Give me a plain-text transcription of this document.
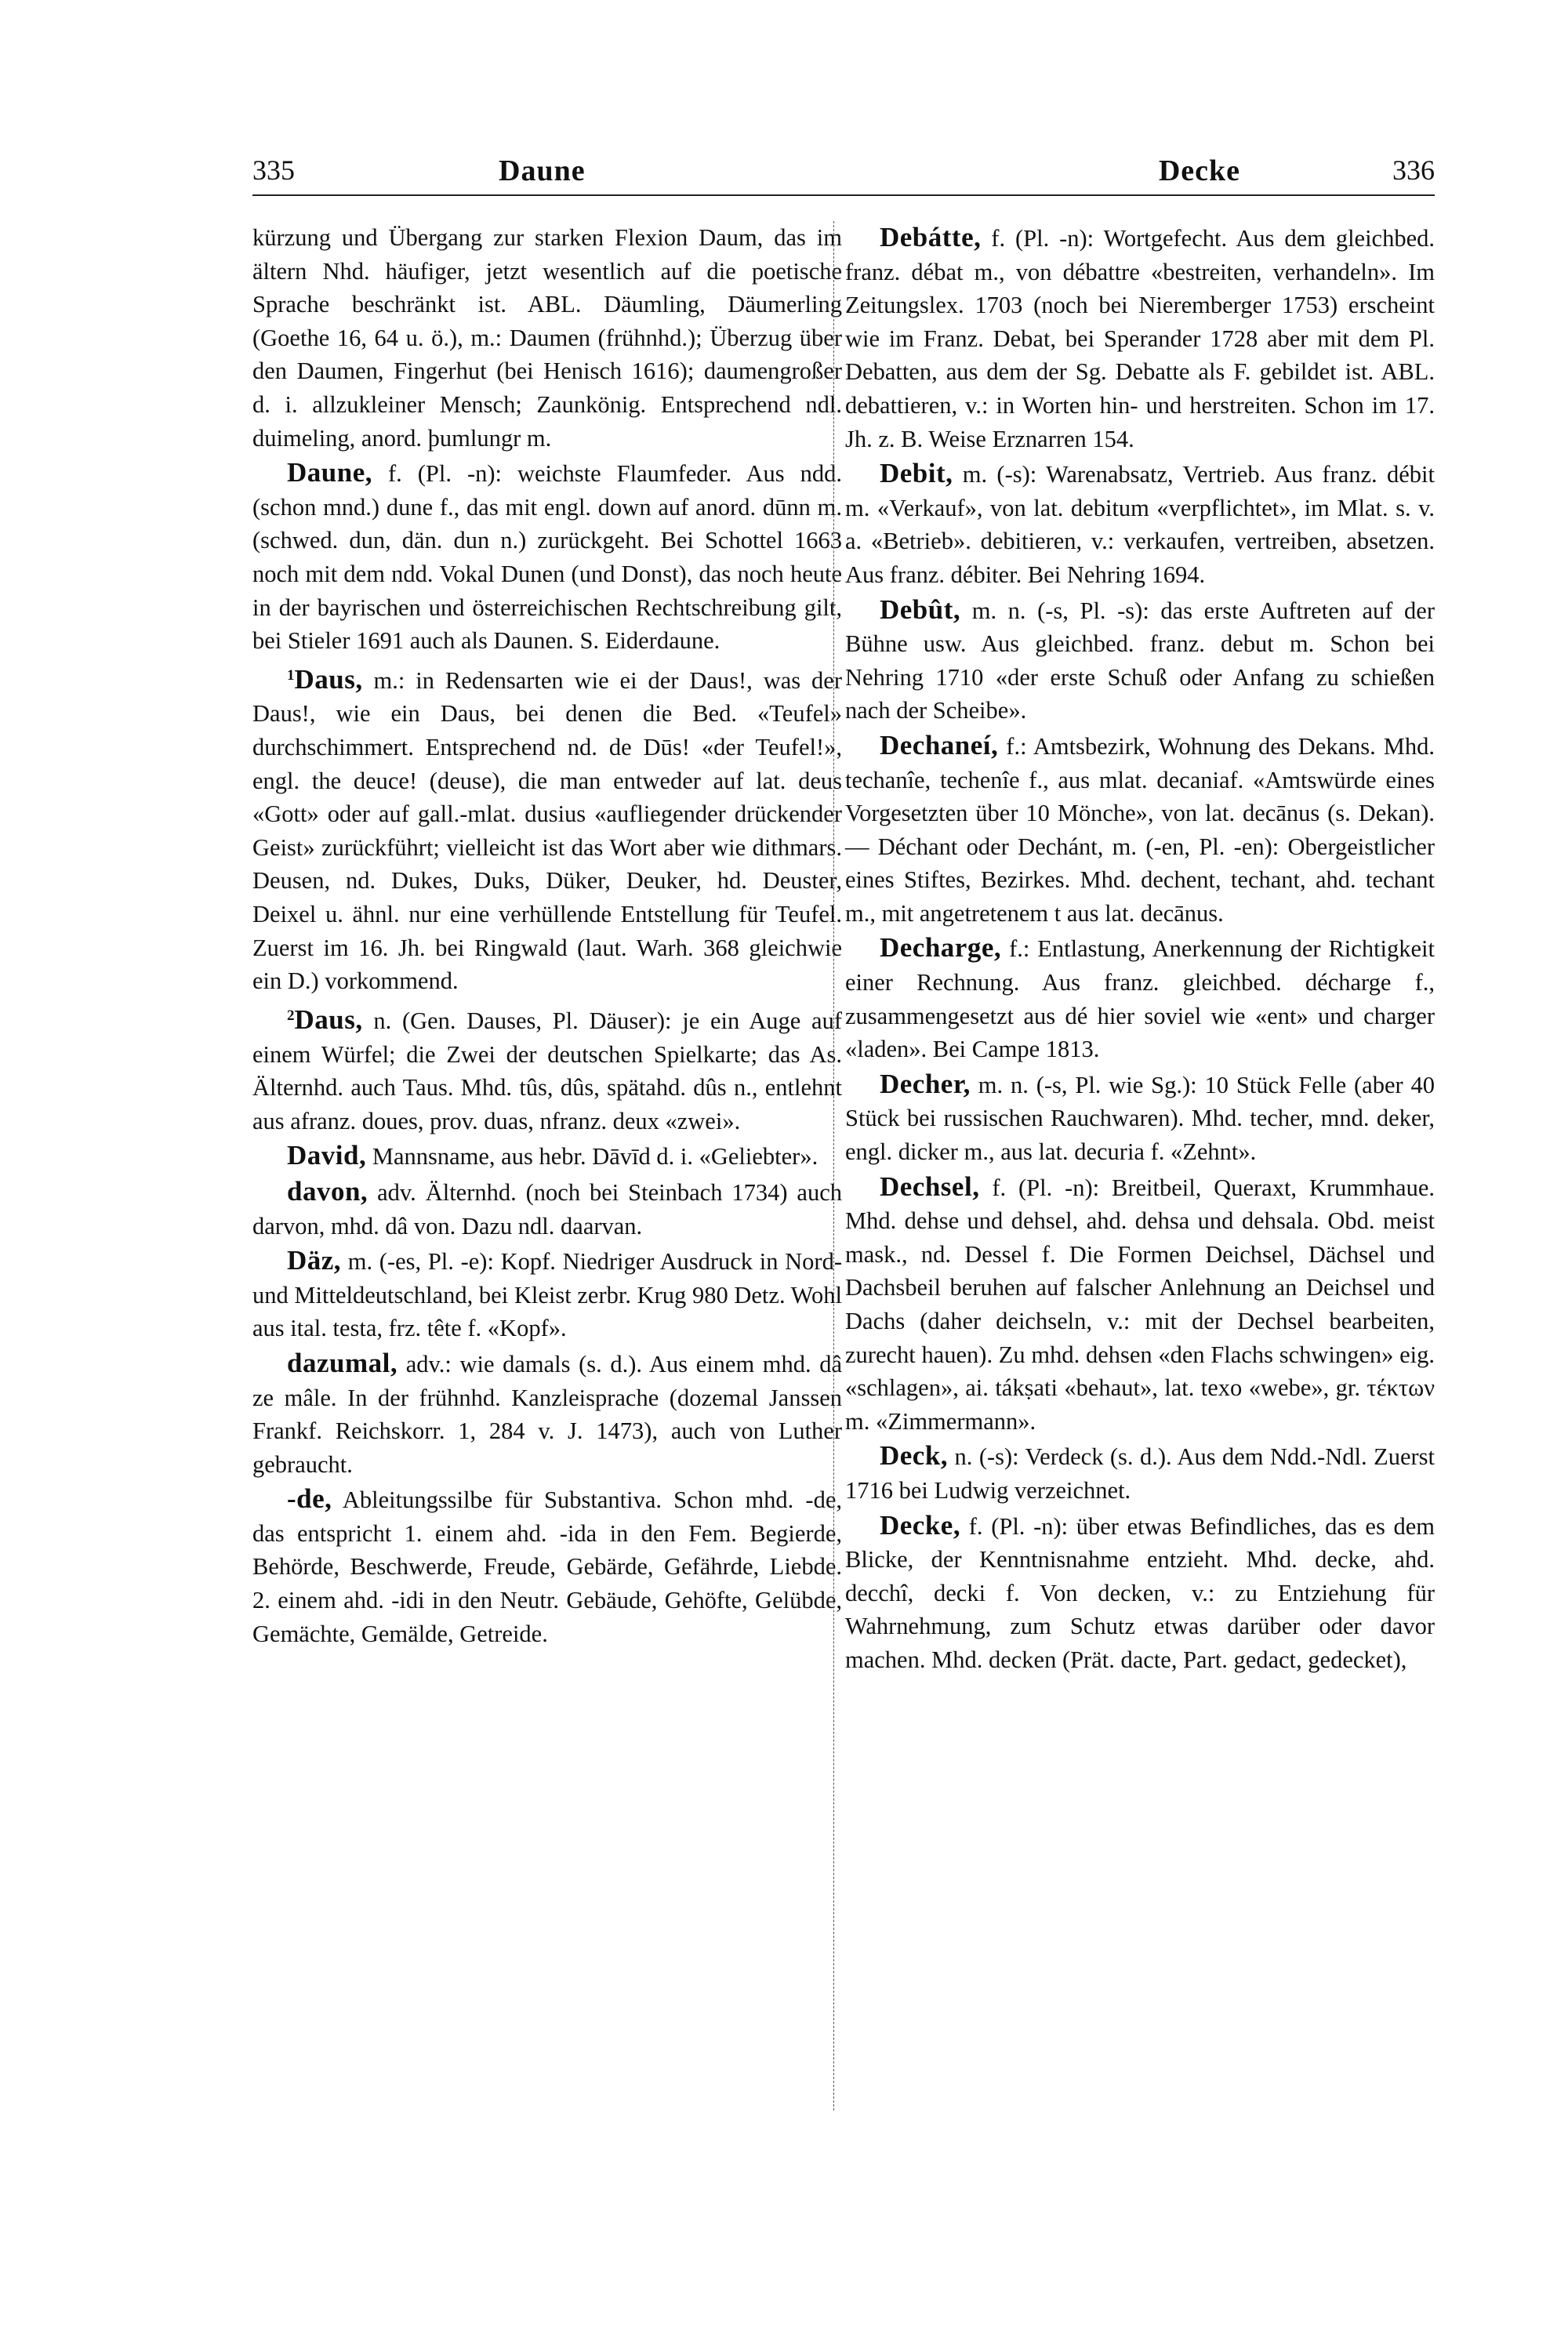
335	Daune	Decke	336

kürzung und Übergang zur starken Flexion Daum, das im ältern Nhd. häufiger, jetzt wesentlich auf die poetische Sprache beschränkt ist. ABL. Däumling, Däumerling (Goethe 16, 64 u. ö.), m.: Daumen (frühnhd.); Überzug über den Daumen, Fingerhut (bei Henisch 1616); daumengroßer d. i. allzukleiner Mensch; Zaunkönig. Entsprechend ndl. duimeling, anord. þumlungr m.

Daune, f. (Pl. -n): weichste Flaumfeder. Aus ndd. (schon mnd.) dune f., das mit engl. down auf anord. dūnn m. (schwed. dun, dän. dun n.) zurückgeht. Bei Schottel 1663 noch mit dem ndd. Vokal Dunen (und Donst), das noch heute in der bayrischen und österreichischen Rechtschreibung gilt, bei Stieler 1691 auch als Daunen. S. Eiderdaune.

$^1$Daus, m.: in Redensarten wie ei der Daus!, was der Daus!, wie ein Daus, bei denen die Bed. «Teufel» durchschimmert. Entsprechend nd. de Dūs! «der Teufel!», engl. the deuce! (deuse), die man entweder auf lat. deus «Gott» oder auf gall.-mlat. dusius «aufliegender drückender Geist» zurückführt; vielleicht ist das Wort aber wie dithmars. Deusen, nd. Dukes, Duks, Düker, Deuker, hd. Deuster, Deixel u. ähnl. nur eine verhüllende Entstellung für Teufel. Zuerst im 16. Jh. bei Ringwald (laut. Warh. 368 gleichwie ein D.) vorkommend.

$^2$Daus, n. (Gen. Dauses, Pl. Däuser): je ein Auge auf einem Würfel; die Zwei der deutschen Spielkarte; das As. Älternhd. auch Taus. Mhd. tûs, dûs, spätahd. dûs n., entlehnt aus afranz. doues, prov. duas, nfranz. deux «zwei».

David, Mannsname, aus hebr. Dāvīd d. i. «Geliebter».

davon, adv. Älternhd. (noch bei Steinbach 1734) auch darvon, mhd. dâ von. Dazu ndl. daarvan.

Däz, m. (-es, Pl. -e): Kopf. Niedriger Ausdruck in Nord- und Mitteldeutschland, bei Kleist zerbr. Krug 980 Detz. Wohl aus ital. testa, frz. tête f. «Kopf».

dazumal, adv.: wie damals (s. d.). Aus einem mhd. dâ ze mâle. In der frühnhd. Kanzleisprache (dozemal Janssen Frankf. Reichskorr. 1, 284 v. J. 1473), auch von Luther gebraucht.

-de, Ableitungssilbe für Substantiva. Schon mhd. -de, das entspricht 1. einem ahd. -ida in den Fem. Begierde, Behörde, Beschwerde, Freude, Gebärde, Gefährde, Liebde. 2. einem ahd. -idi in den Neutr. Gebäude, Gehöfte, Gelübde, Gemächte, Gemälde, Getreide.

Debátte, f. (Pl. -n): Wortgefecht. Aus dem gleichbed. franz. débat m., von débattre «bestreiten, verhandeln». Im Zeitungslex. 1703 (noch bei Nieremberger 1753) erscheint wie im Franz. Debat, bei Sperander 1728 aber mit dem Pl. Debatten, aus dem der Sg. Debatte als F. gebildet ist. ABL. debattieren, v.: in Worten hin- und herstreiten. Schon im 17. Jh. z. B. Weise Erznarren 154.

Debit, m. (-s): Warenabsatz, Vertrieb. Aus franz. débit m. «Verkauf», von lat. debitum «verpflichtet», im Mlat. s. v. a. «Betrieb». debitieren, v.: verkaufen, vertreiben, absetzen. Aus franz. débiter. Bei Nehring 1694.

Debût, m. n. (-s, Pl. -s): das erste Auftreten auf der Bühne usw. Aus gleichbed. franz. debut m. Schon bei Nehring 1710 «der erste Schuß oder Anfang zu schießen nach der Scheibe».

Dechaneí, f.: Amtsbezirk, Wohnung des Dekans. Mhd. techanîe, techenîe f., aus mlat. decaniaf. «Amtswürde eines Vorgesetzten über 10 Mönche», von lat. decānus (s. Dekan). — Déchant oder Dechánt, m. (-en, Pl. -en): Obergeistlicher eines Stiftes, Bezirkes. Mhd. dechent, techant, ahd. techant m., mit angetretenem t aus lat. decānus.

Decharge, f.: Entlastung, Anerkennung der Richtigkeit einer Rechnung. Aus franz. gleichbed. décharge f., zusammengesetzt aus dé hier soviel wie «ent» und charger «laden». Bei Campe 1813.

Decher, m. n. (-s, Pl. wie Sg.): 10 Stück Felle (aber 40 Stück bei russischen Rauchwaren). Mhd. techer, mnd. deker, engl. dicker m., aus lat. decuria f. «Zehnt».

Dechsel, f. (Pl. -n): Breitbeil, Queraxt, Krummhaue. Mhd. dehse und dehsel, ahd. dehsa und dehsala. Obd. meist mask., nd. Dessel f. Die Formen Deichsel, Dächsel und Dachsbeil beruhen auf falscher Anlehnung an Deichsel und Dachs (daher deichseln, v.: mit der Dechsel bearbeiten, zurecht hauen). Zu mhd. dehsen «den Flachs schwingen» eig. «schlagen», ai. tákṣati «behaut», lat. texo «webe», gr. τέκτων m. «Zimmermann».

Deck, n. (-s): Verdeck (s. d.). Aus dem Ndd.-Ndl. Zuerst 1716 bei Ludwig verzeichnet.

Decke, f. (Pl. -n): über etwas Befindliches, das es dem Blicke, der Kenntnisnahme entzieht. Mhd. decke, ahd. decchî, decki f. Von decken, v.: zu Entziehung für Wahrnehmung, zum Schutz etwas darüber oder davor machen. Mhd. decken (Prät. dacte, Part. gedact, gedecket),
